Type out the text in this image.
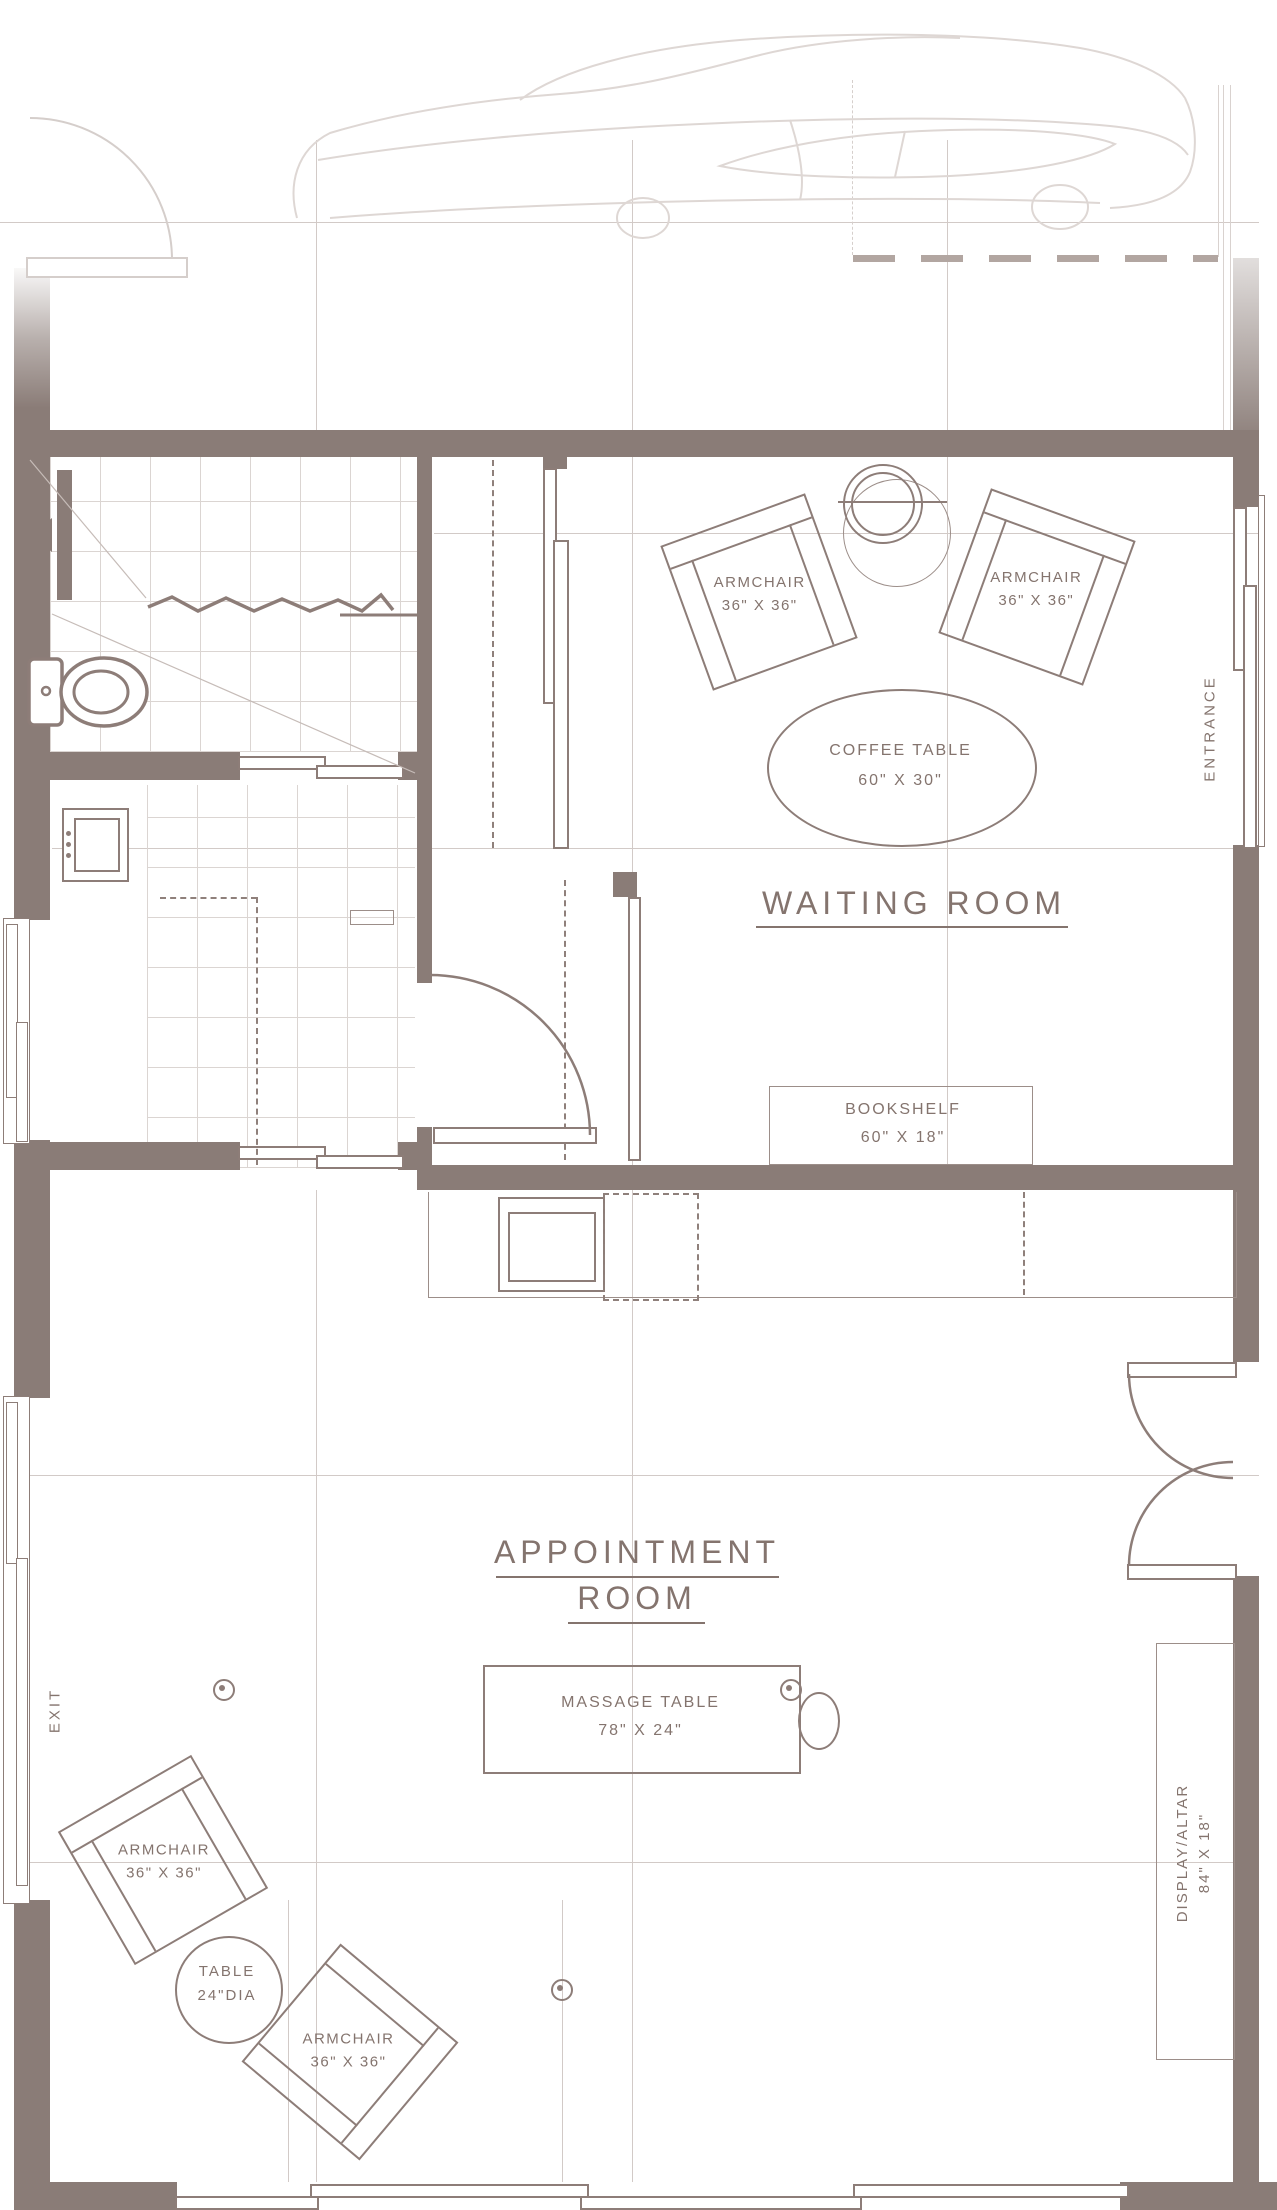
ARMCHAIR
36" X 36"
ARMCHAIR
36" X 36"
ARMCHAIR
36" X 36"
ARMCHAIR
36" X 36"
COFFEE TABLE
60" X 30"
WAITING ROOM
BOOKSHELF
60" X 18"
ENTRANCE
APPOINTMENT
ROOM
MASSAGE TABLE
78" X 24"
TABLE
24"DIA
DISPLAY/ALTAR 84" X 18"
EXIT
